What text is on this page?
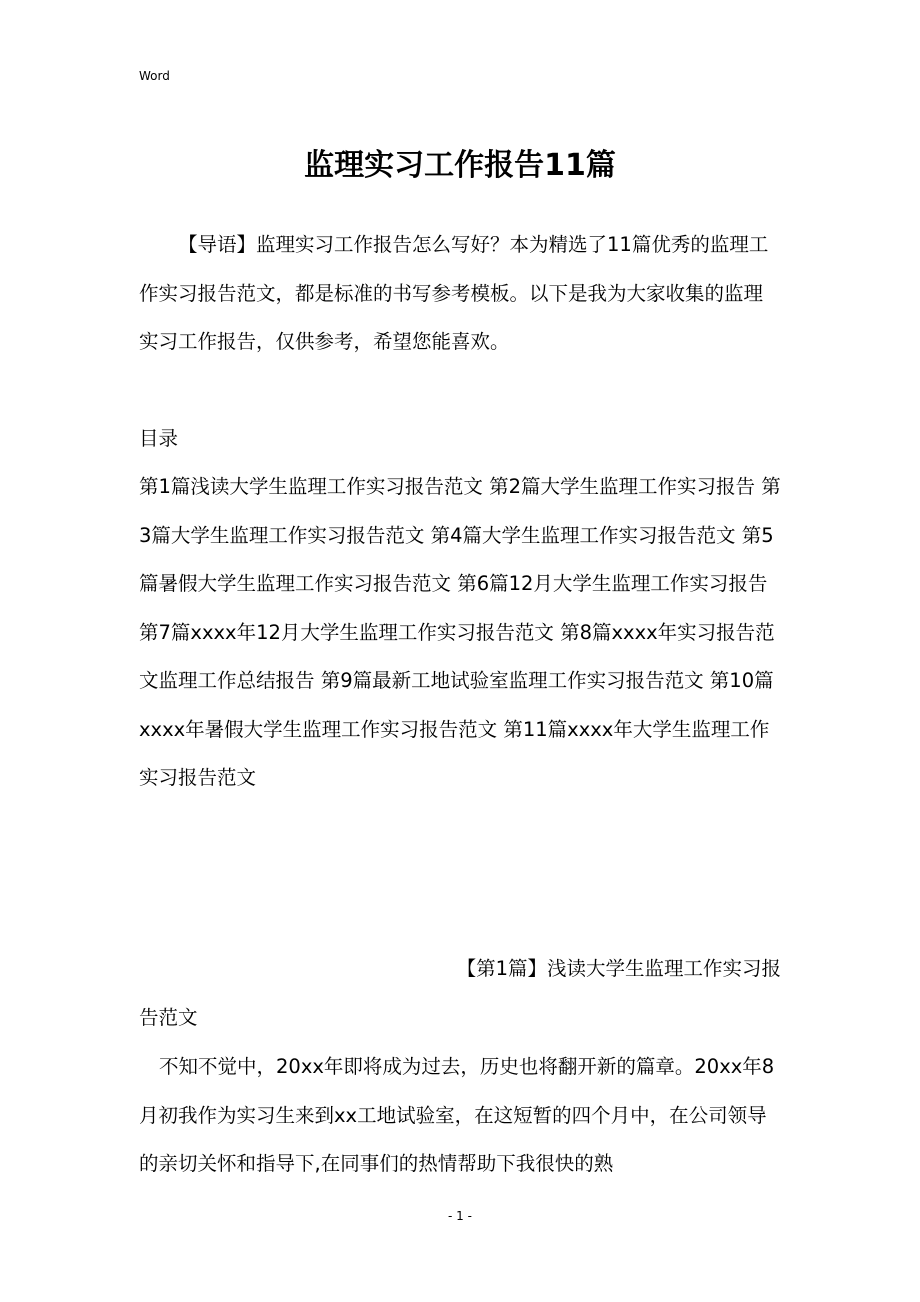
Word
监理实习工作报告11篇

【导语】监理实习工作报告怎么写好？本为精选了11篇优秀的监理工作实习报告范文，都是标准的书写参考模板。以下是我为大家收集的监理实习工作报告，仅供参考，希望您能喜欢。

目录

第1篇浅读大学生监理工作实习报告范文 第2篇大学生监理工作实习报告 第3篇大学生监理工作实习报告范文 第4篇大学生监理工作实习报告范文 第5篇暑假大学生监理工作实习报告范文 第6篇12月大学生监理工作实习报告 第7篇xxxx年12月大学生监理工作实习报告范文 第8篇xxxx年实习报告范文监理工作总结报告 第9篇最新工地试验室监理工作实习报告范文 第10篇xxxx年暑假大学生监理工作实习报告范文 第11篇xxxx年大学生监理工作实习报告范文

【第1篇】浅读大学生监理工作实习报
告范文

不知不觉中，20xx年即将成为过去，历史也将翻开新的篇章。20xx年8月初我作为实习生来到xx工地试验室，在这短暂的四个月中，在公司领导的亲切关怀和指导下,在同事们的热情帮助下我很快的熟

- 1 -
